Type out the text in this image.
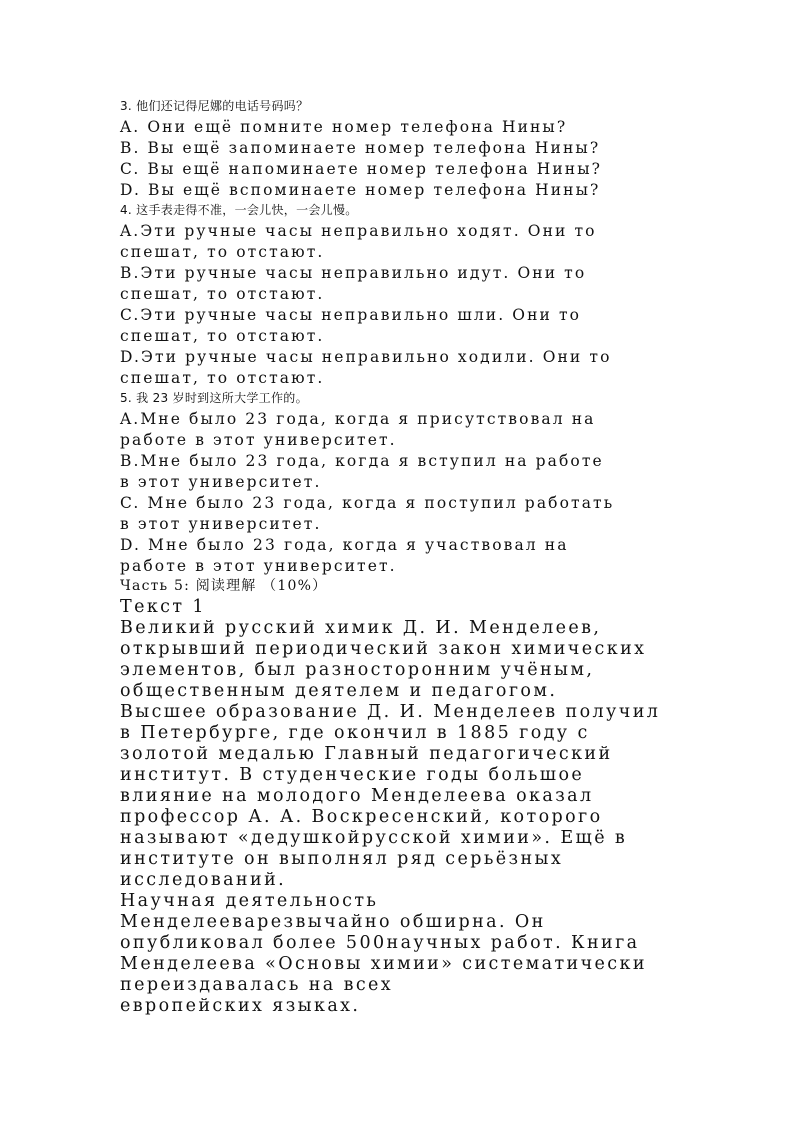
3. 他们还记得尼娜的电话号码吗？

A. Они ещё помните номер телефона Нины?

B. Вы ещё запоминаете номер телефона Нины?

C. Вы ещё напоминаете номер телефона Нины?

D. Вы ещё вспоминаете номер телефона Нины?

4. 这手表走得不准，一会儿快，一会儿慢。

A.Эти ручные часы неправильно ходят. Они то

спешат, то отстают.

B.Эти ручные часы неправильно идут. Они то

спешат, то отстают.

C.Эти ручные часы неправильно шли. Они то

спешат, то отстают.

D.Эти ручные часы неправильно ходили. Они то

спешат, то отстают.

5. 我 23 岁时到这所大学工作的。

A.Мне было 23 года, когда я присутствовал на

работе в этот университет.

B.Мне было 23 года, когда я вступил на работе

в этот университет.

C. Мне было 23 года, когда я поступил работать

в этот университет.

D. Мне было 23 года, когда я участвовал на

работе в этот университет.

Часть 5: 阅读理解 （10%）

Текст 1

Великий русский химик Д. И. Менделеев,

открывший периодический закон химических

элементов, был разносторонним учёным,

общественным деятелем и педагогом.

Высшее образование Д. И. Менделеев получил

в Петербурге, где окончил в 1885 году с

золотой медалью Главный педагогический

институт. В студенческие годы большое

влияние на молодого Менделеева оказал

профессор А. А. Воскресенский, которого

называют «дедушкойрусской химии». Ещё в

институте он выполнял ряд серьёзных

исследований.

Научная деятельность

Менделееварезвычайно обширна. Он

опубликовал более 500научных работ. Книга

Менделеева «Основы химии» систематически

переиздавалась на всех

европейских языках.
